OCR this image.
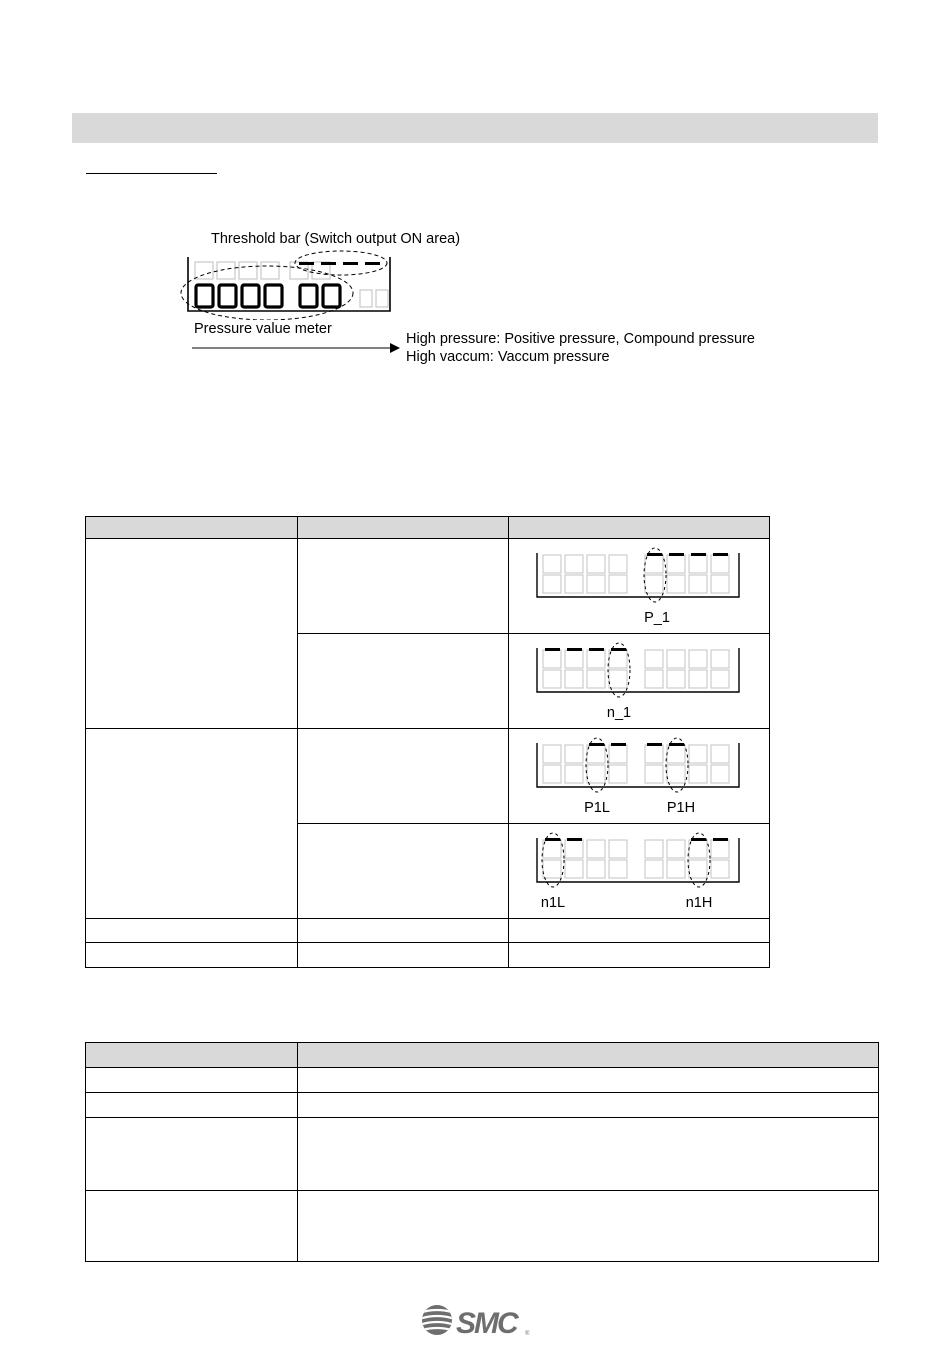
Threshold bar (Switch output ON area)
Pressure value meter
High pressure: Positive pressure, Compound pressure
High vaccum: Vaccum pressure

		P_1

		n_1

		P1L P1H

		n1L n1H

SMC	®
